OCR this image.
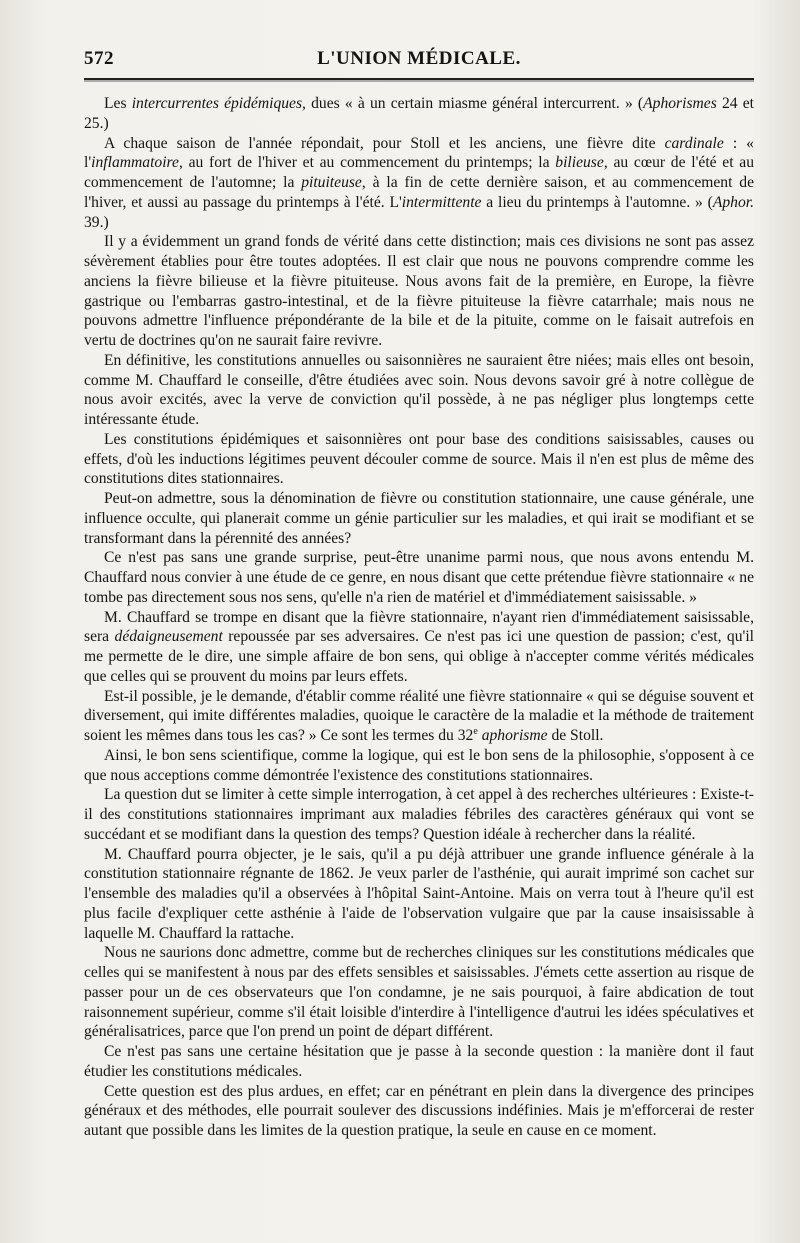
572	L'UNION MÉDICALE.

Les intercurrentes épidémiques, dues « à un certain miasme général intercurrent. » (Aphorismes 24 et 25.)

A chaque saison de l'année répondait, pour Stoll et les anciens, une fièvre dite cardinale : « l'inflammatoire, au fort de l'hiver et au commencement du printemps; la bilieuse, au cœur de l'été et au commencement de l'automne; la pituiteuse, à la fin de cette dernière saison, et au commencement de l'hiver, et aussi au passage du printemps à l'été. L'intermittente a lieu du printemps à l'automne. » (Aphor. 39.)

Il y a évidemment un grand fonds de vérité dans cette distinction; mais ces divisions ne sont pas assez sévèrement établies pour être toutes adoptées. Il est clair que nous ne pouvons comprendre comme les anciens la fièvre bilieuse et la fièvre pituiteuse. Nous avons fait de la première, en Europe, la fièvre gastrique ou l'embarras gastro-intestinal, et de la fièvre pituiteuse la fièvre catarrhale; mais nous ne pouvons admettre l'influence prépondérante de la bile et de la pituite, comme on le faisait autrefois en vertu de doctrines qu'on ne saurait faire revivre.

En définitive, les constitutions annuelles ou saisonnières ne sauraient être niées; mais elles ont besoin, comme M. Chauffard le conseille, d'être étudiées avec soin. Nous devons savoir gré à notre collègue de nous avoir excités, avec la verve de conviction qu'il possède, à ne pas négliger plus longtemps cette intéressante étude.

Les constitutions épidémiques et saisonnières ont pour base des conditions saisissables, causes ou effets, d'où les inductions légitimes peuvent découler comme de source. Mais il n'en est plus de même des constitutions dites stationnaires.

Peut-on admettre, sous la dénomination de fièvre ou constitution stationnaire, une cause générale, une influence occulte, qui planerait comme un génie particulier sur les maladies, et qui irait se modifiant et se transformant dans la pérennité des années?

Ce n'est pas sans une grande surprise, peut-être unanime parmi nous, que nous avons entendu M. Chauffard nous convier à une étude de ce genre, en nous disant que cette prétendue fièvre stationnaire « ne tombe pas directement sous nos sens, qu'elle n'a rien de matériel et d'immédiatement saisissable. »

M. Chauffard se trompe en disant que la fièvre stationnaire, n'ayant rien d'immédiatement saisissable, sera dédaigneusement repoussée par ses adversaires. Ce n'est pas ici une question de passion; c'est, qu'il me permette de le dire, une simple affaire de bon sens, qui oblige à n'accepter comme vérités médicales que celles qui se prouvent du moins par leurs effets.

Est-il possible, je le demande, d'établir comme réalité une fièvre stationnaire « qui se déguise souvent et diversement, qui imite différentes maladies, quoique le caractère de la maladie et la méthode de traitement soient les mêmes dans tous les cas? » Ce sont les termes du 32e aphorisme de Stoll.

Ainsi, le bon sens scientifique, comme la logique, qui est le bon sens de la philosophie, s'opposent à ce que nous acceptions comme démontrée l'existence des constitutions stationnaires.

La question dut se limiter à cette simple interrogation, à cet appel à des recherches ultérieures : Existe-t-il des constitutions stationnaires imprimant aux maladies fébriles des caractères généraux qui vont se succédant et se modifiant dans la question des temps? Question idéale à rechercher dans la réalité.

M. Chauffard pourra objecter, je le sais, qu'il a pu déjà attribuer une grande influence générale à la constitution stationnaire régnante de 1862. Je veux parler de l'asthénie, qui aurait imprimé son cachet sur l'ensemble des maladies qu'il a observées à l'hôpital Saint-Antoine. Mais on verra tout à l'heure qu'il est plus facile d'expliquer cette asthénie à l'aide de l'observation vulgaire que par la cause insaisissable à laquelle M. Chauffard la rattache.

Nous ne saurions donc admettre, comme but de recherches cliniques sur les constitutions médicales que celles qui se manifestent à nous par des effets sensibles et saisissables. J'émets cette assertion au risque de passer pour un de ces observateurs que l'on condamne, je ne sais pourquoi, à faire abdication de tout raisonnement supérieur, comme s'il était loisible d'interdire à l'intelligence d'autrui les idées spéculatives et généralisatrices, parce que l'on prend un point de départ différent.

Ce n'est pas sans une certaine hésitation que je passe à la seconde question : la manière dont il faut étudier les constitutions médicales.

Cette question est des plus ardues, en effet; car en pénétrant en plein dans la divergence des principes généraux et des méthodes, elle pourrait soulever des discussions indéfinies. Mais je m'efforcerai de rester autant que possible dans les limites de la question pratique, la seule en cause en ce moment.
